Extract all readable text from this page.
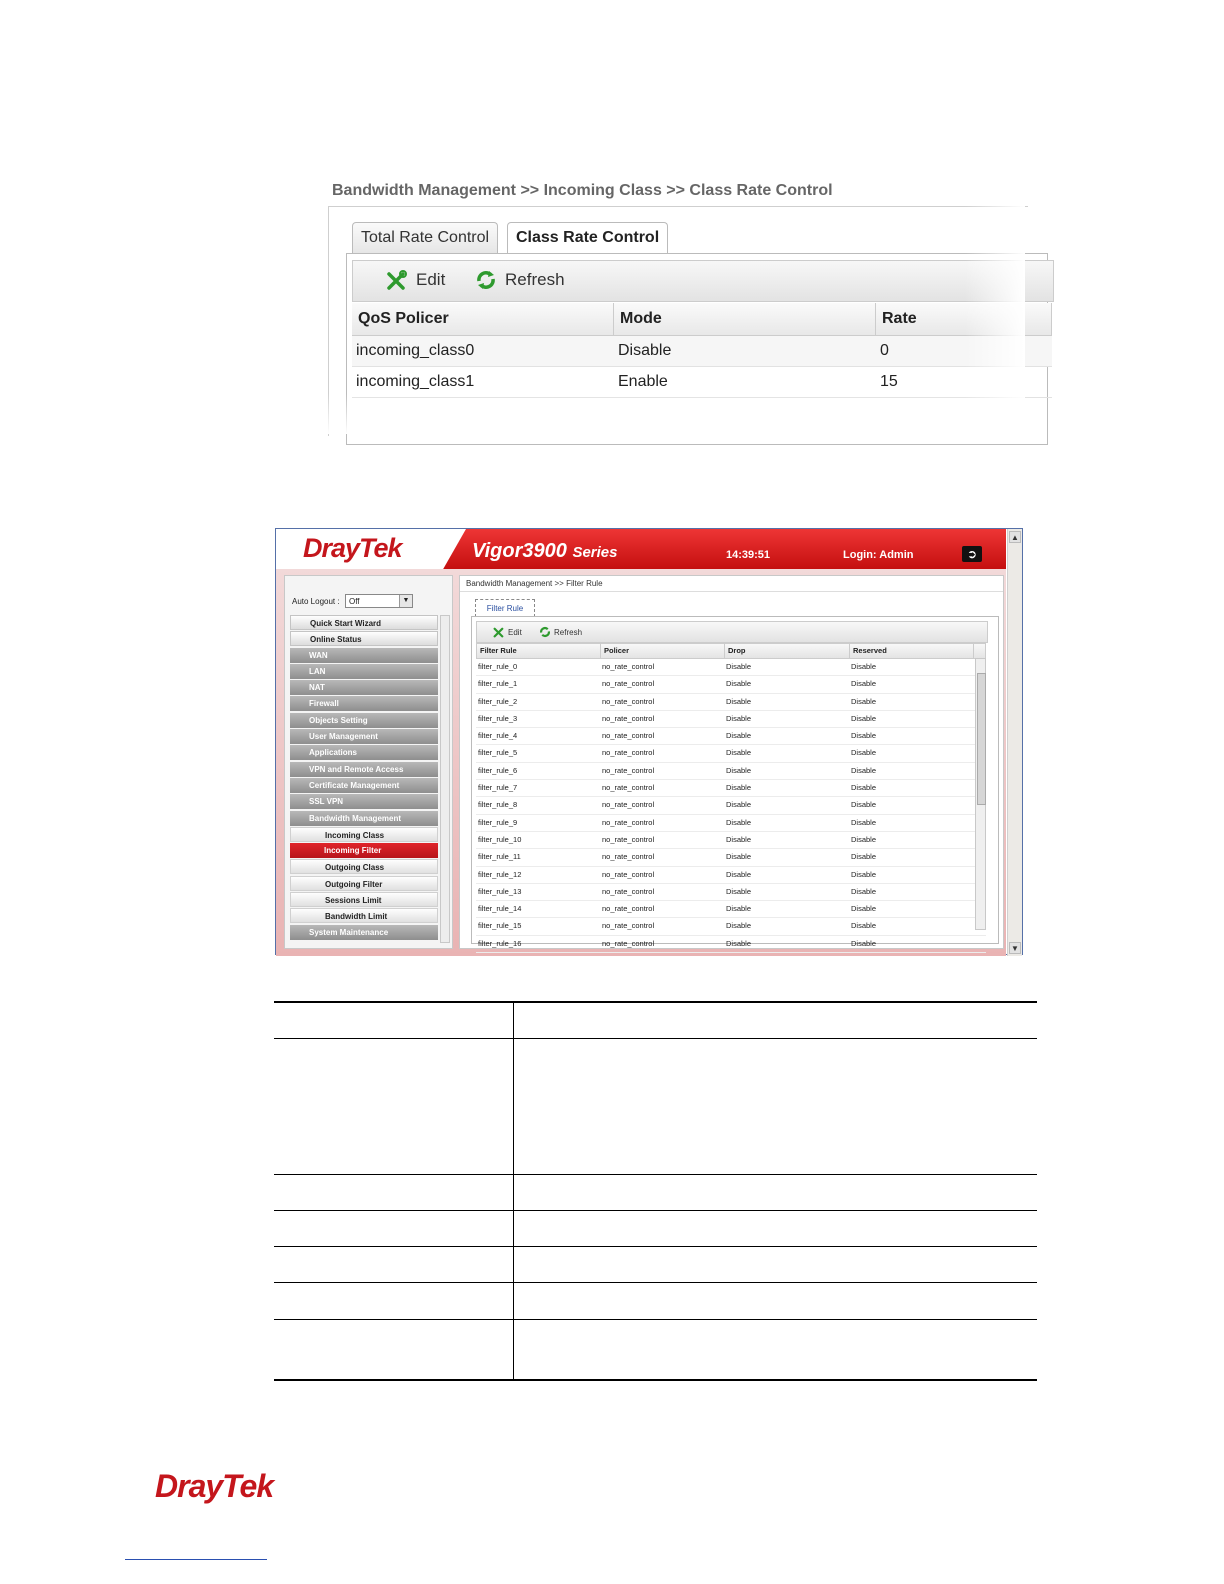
Bandwidth Management >> Incoming Class >> Class Rate Control
Total Rate Control	Class Rate Control
Edit	Refresh
QoS Policer	Mode	Rate
incoming_class0	Disable	0
incoming_class1	Enable	15
DrayTek	Vigor3900 Series	14:39:51	Login: Admin	➲
Auto Logout :	Off	▼
Quick Start Wizard
Online Status
WAN
LAN
NAT
Firewall
Objects Setting
User Management
Applications
VPN and Remote Access
Certificate Management
SSL VPN
Bandwidth Management
Incoming Class
Incoming Filter
Outgoing Class
Outgoing Filter
Sessions Limit
Bandwidth Limit
System Maintenance
Bandwidth Management >> Filter Rule
Filter Rule
Edit	Refresh
Filter Rule	Policer	Drop	Reserved
filter_rule_0	no_rate_control	Disable	Disable
filter_rule_1	no_rate_control	Disable	Disable
filter_rule_2	no_rate_control	Disable	Disable
filter_rule_3	no_rate_control	Disable	Disable
filter_rule_4	no_rate_control	Disable	Disable
filter_rule_5	no_rate_control	Disable	Disable
filter_rule_6	no_rate_control	Disable	Disable
filter_rule_7	no_rate_control	Disable	Disable
filter_rule_8	no_rate_control	Disable	Disable
filter_rule_9	no_rate_control	Disable	Disable
filter_rule_10	no_rate_control	Disable	Disable
filter_rule_11	no_rate_control	Disable	Disable
filter_rule_12	no_rate_control	Disable	Disable
filter_rule_13	no_rate_control	Disable	Disable
filter_rule_14	no_rate_control	Disable	Disable
filter_rule_15	no_rate_control	Disable	Disable
filter_rule_16	no_rate_control	Disable	Disable
▲
▼
DrayTek
